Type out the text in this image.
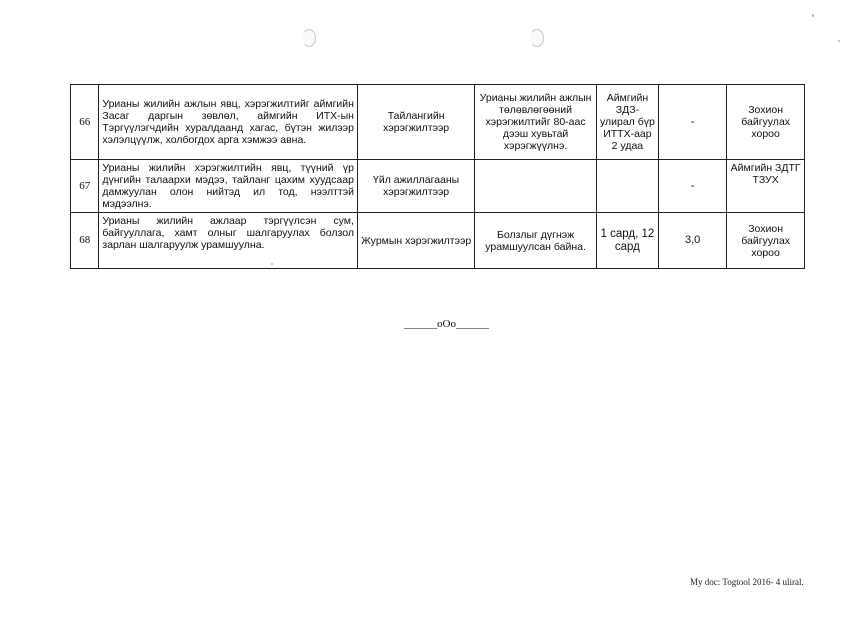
66	Урианы жилийн ажлын явц, хэрэгжилтийг аймгийн Засаг даргын зөвлөл, аймгийн ИТХ-ын Тэргүүлэгчдийн хуралдаанд хагас, бүтэн жилээр хэлэлцүүлж, холбогдох арга хэмжээ авна.	Тайлангийн хэрэгжилтээр	Урианы жилийн ажлын төлөвлөгөөний хэрэгжилтийг 80-аас дээш хувьтай хэрэгжүүлнэ.	Аймгийн ЗДЗ-улирал бүр ИТТХ-аар 2 удаа	-	Зохион байгуулах хороо
67	Урианы жилийн хэрэгжилтийн явц, түүний үр дүнгийн талаархи мэдээ, тайланг цахим хуудсаар дамжуулан олон нийтэд ил тод, нээлттэй мэдээлнэ.	Үйл ажиллагааны хэрэгжилтээр			-	Аймгийн ЗДТГ ТЗУХ
68	Урианы жилийн ажлаар тэргүүлсэн сум, байгууллага, хамт олныг шалгаруулах болзол зарлан шалгаруулж урамшуулна.	Журмын хэрэгжилтээр	Болзлыг дүгнэж урамшуулсан байна.	1 сард, 12 сард	3,0	Зохион байгуулах хороо
______oOo______
My doc: Togtool 2016- 4 uliral.
